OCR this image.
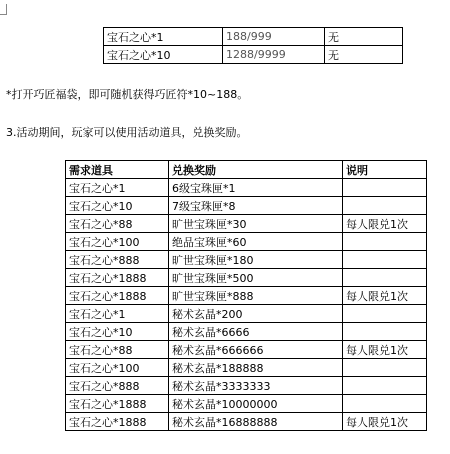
宝石之心*1	188/999	无
宝石之心*10	1288/9999	无
*打开巧匠福袋，即可随机获得巧匠符*10~188。
3.活动期间，玩家可以使用活动道具，兑换奖励。
需求道具	兑换奖励	说明
宝石之心*1	6级宝珠匣*1	
宝石之心*10	7级宝珠匣*8	
宝石之心*88	旷世宝珠匣*30	每人限兑1次
宝石之心*100	绝品宝珠匣*60	
宝石之心*888	旷世宝珠匣*180	
宝石之心*1888	旷世宝珠匣*500	
宝石之心*1888	旷世宝珠匣*888	每人限兑1次
宝石之心*1	秘术玄晶*200	
宝石之心*10	秘术玄晶*6666	
宝石之心*88	秘术玄晶*666666	每人限兑1次
宝石之心*100	秘术玄晶*188888	
宝石之心*888	秘术玄晶*3333333	
宝石之心*1888	秘术玄晶*10000000	
宝石之心*1888	秘术玄晶*16888888	每人限兑1次
